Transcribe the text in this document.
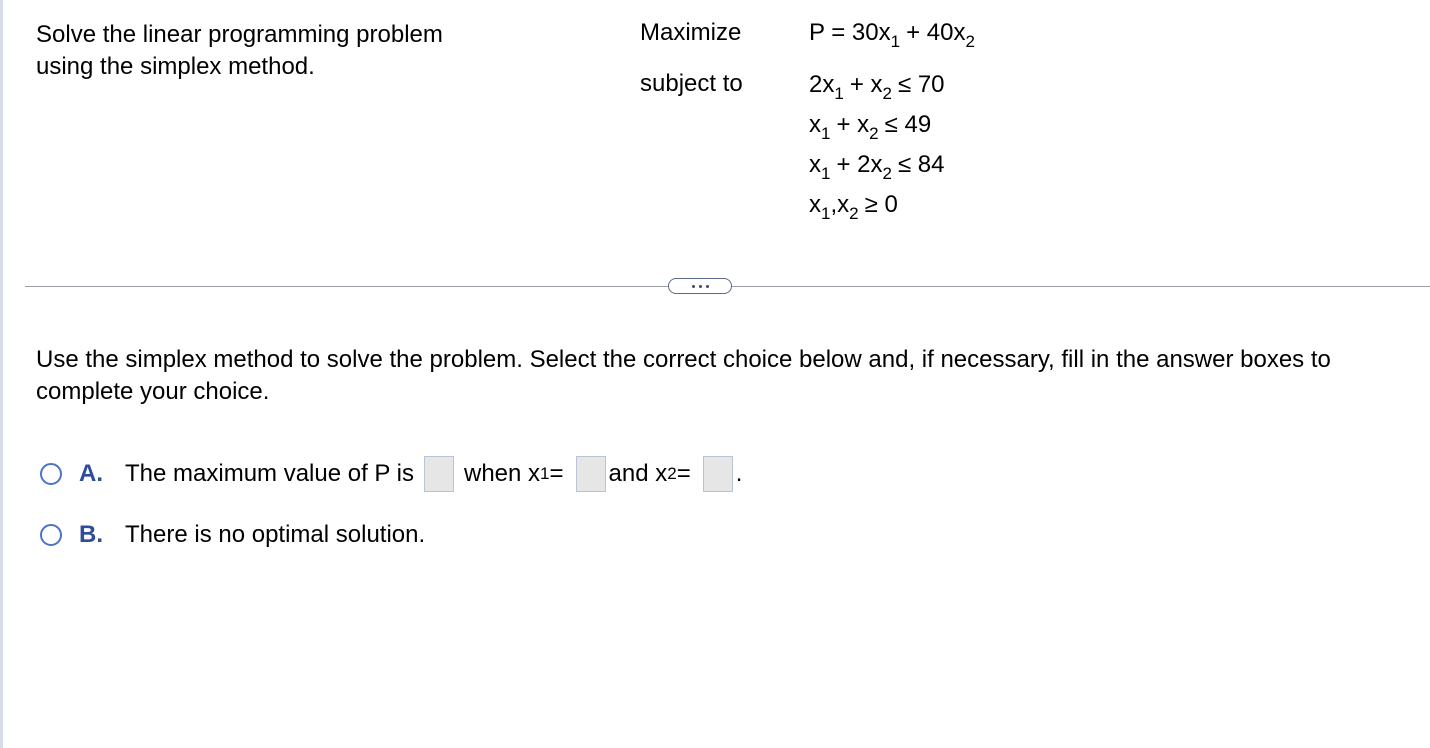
Solve the linear programming problem using the simplex method.
Maximize
subject to
$P = 30x_1 + 40x_2$
$2x_1 + x_2 \le 70$
$x_1 + x_2 \le 49$
$x_1 + 2x_2 \le 84$
$x_1,x_2 \ge 0$
Use the simplex method to solve the problem. Select the correct choice below and, if necessary, fill in the answer boxes to complete your choice.
A. The maximum value of P is when x 1 = and x 2 = .
B. There is no optimal solution.
